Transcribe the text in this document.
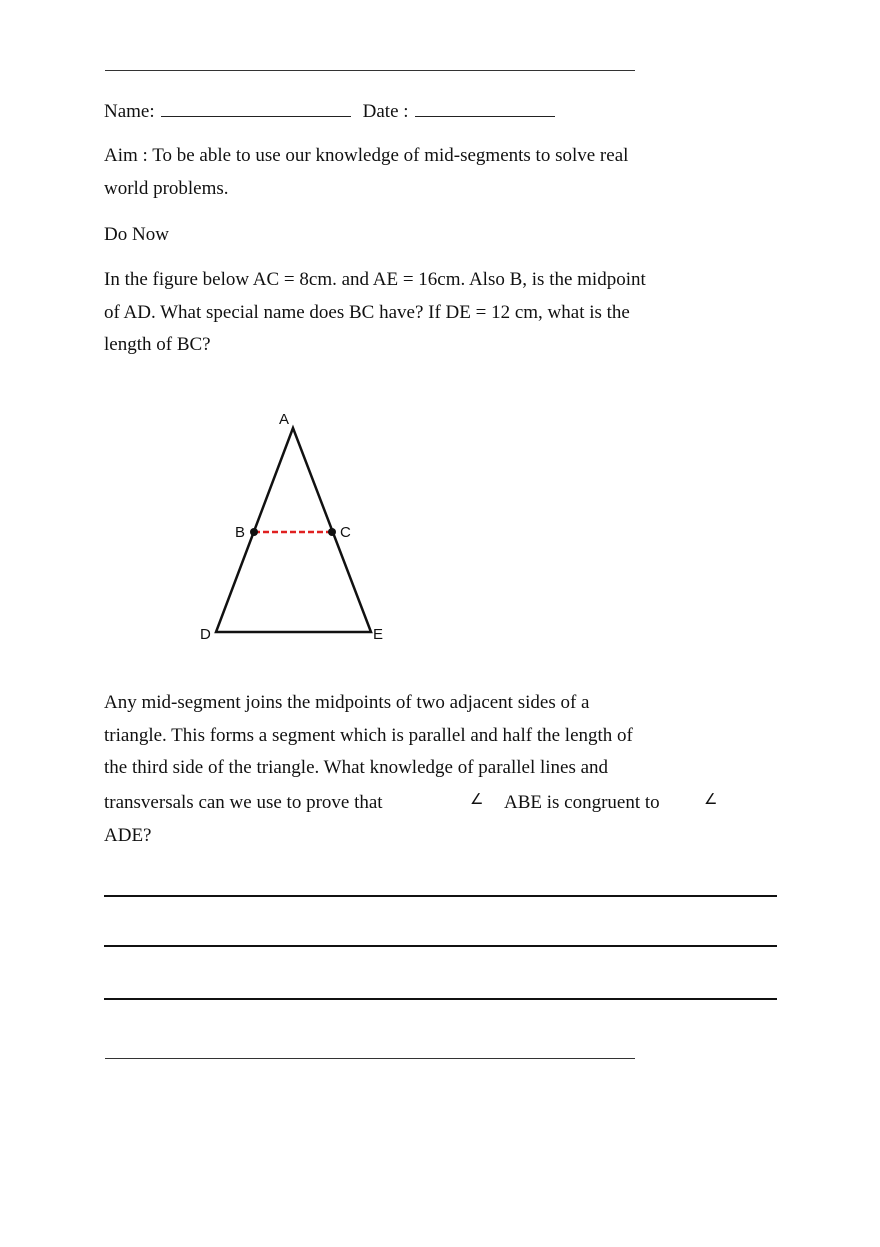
Name:	Date :
Aim : To be able to use our knowledge of mid-segments to solve real
world problems.
Do Now
In the figure below AC = 8cm. and AE = 16cm. Also B, is the midpoint
of AD. What special name does BC have? If DE = 12 cm, what is the
length of BC?
A
B	C
D	E
Any mid-segment joins the midpoints of two adjacent sides of a
triangle. This forms a segment which is parallel and half the length of
the third side of the triangle. What knowledge of parallel lines and
transversals can we use to prove that	∠ ABE is congruent to	∠
ADE?
